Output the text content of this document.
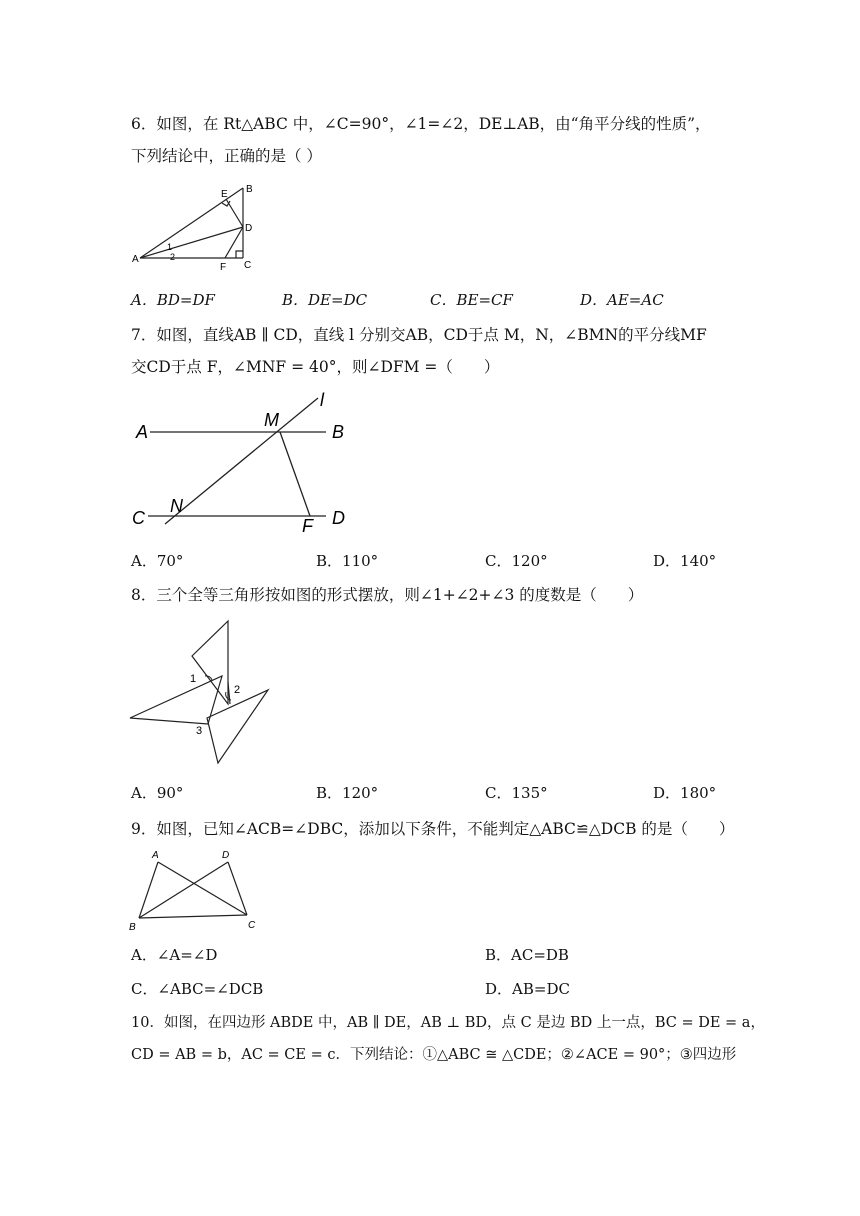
6．如图，在 Rt△ABC 中，∠C=90°，∠1=∠2，DE⊥AB，由“角平分线的性质”，
下列结论中，正确的是（ ）
A
B
C
D
E
F
1
2
A．BD=DF	B．DE=DC	C．BE=CF	D．AE=AC
7．如图，直线AB ∥ CD，直线 l 分别交AB，CD于点 M，N，∠BMN的平分线MF
交CD于点 F，∠MNF = 40°，则∠DFM =（　　）
A	B
C	D
M
N
F
l
A．70°	B．110°	C．120°	D．140°
8．三个全等三角形按如图的形式摆放，则∠1+∠2+∠3 的度数是（　　）
1
2
3
A．90°	B．120°	C．135°	D．180°
9．如图，已知∠ACB=∠DBC，添加以下条件，不能判定△ABC≌△DCB 的是（　　）
A	D
B	C
A．∠A=∠D	B．AC=DB
C．∠ABC=∠DCB	D．AB=DC
10．如图，在四边形 ABDE 中，AB ∥ DE，AB ⊥ BD，点 C 是边 BD 上一点，BC = DE = a，
CD = AB = b，AC = CE = c．下列结论：①△ABC ≅ △CDE；②∠ACE = 90°；③四边形
